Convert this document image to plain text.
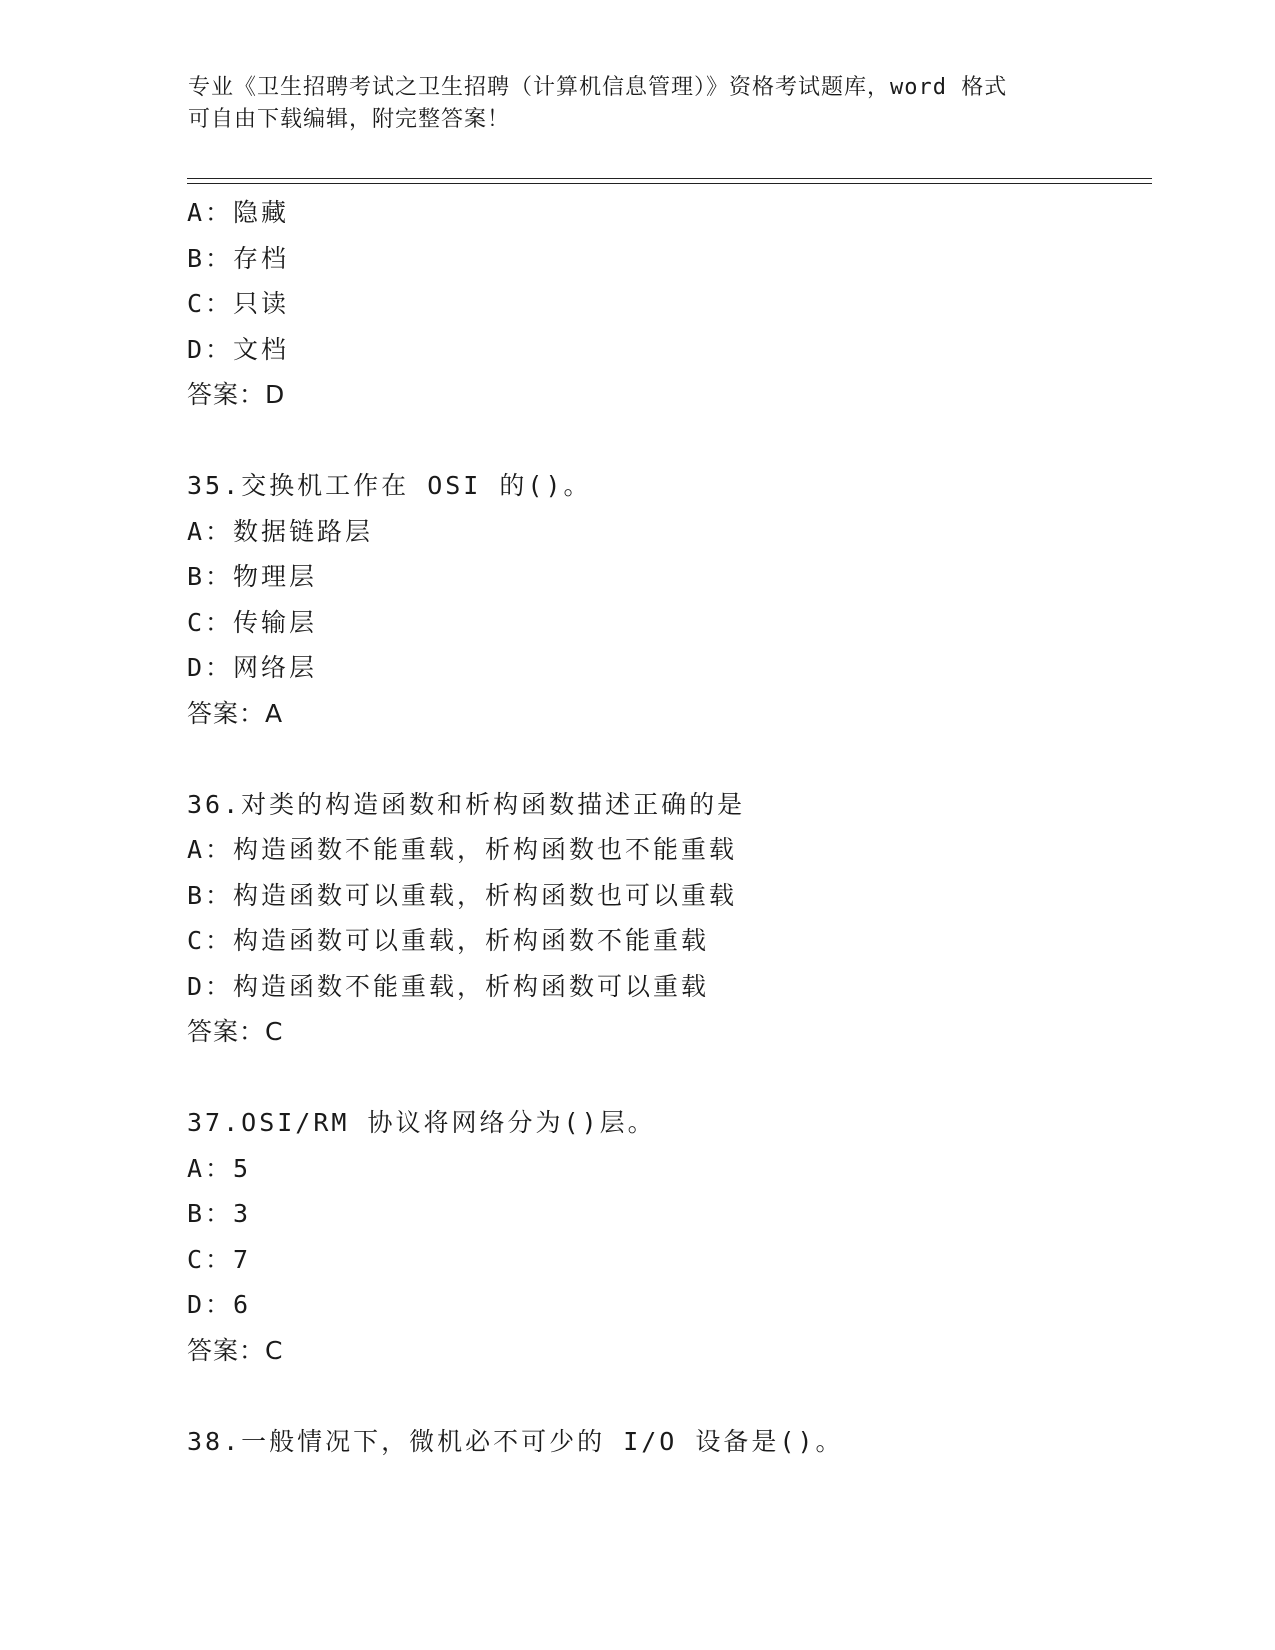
专业《卫生招聘考试之卫生招聘（计算机信息管理）》资格考试题库，word 格式
可自由下载编辑，附完整答案！
A：隐藏
B：存档
C：只读
D：文档
答案：D
35.交换机工作在 OSI 的()。
A：数据链路层
B：物理层
C：传输层
D：网络层
答案：A
36.对类的构造函数和析构函数描述正确的是
A：构造函数不能重载，析构函数也不能重载
B：构造函数可以重载，析构函数也可以重载
C：构造函数可以重载，析构函数不能重载
D：构造函数不能重载，析构函数可以重载
答案：C
37.OSI/RM 协议将网络分为()层。
A：5
B：3
C：7
D：6
答案：C
38.一般情况下，微机必不可少的 I/O 设备是()。
